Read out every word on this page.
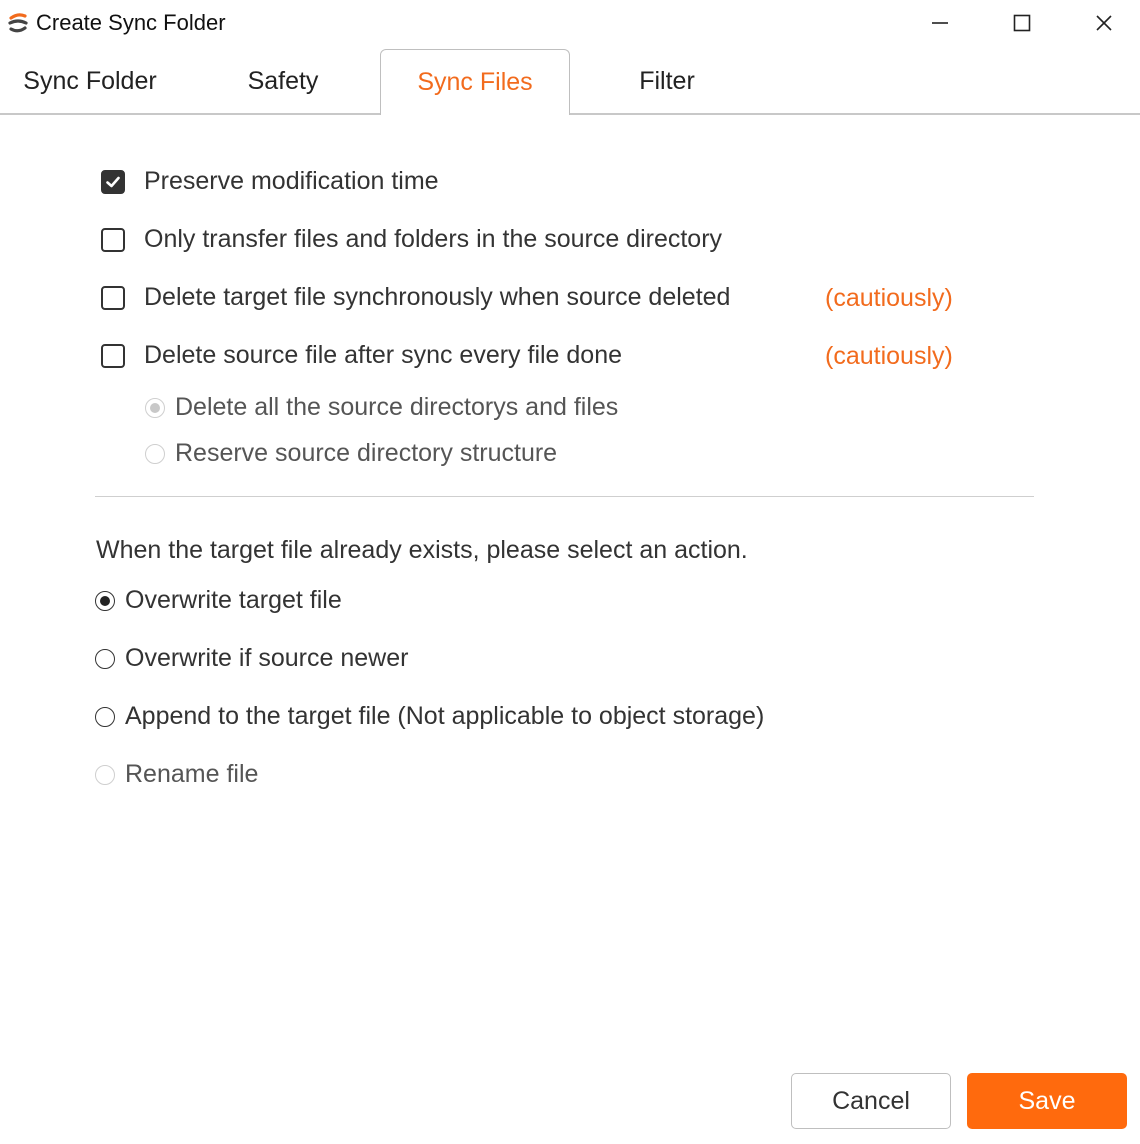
Create Sync Folder
Sync Folder	Safety	Sync Files	Filter
Preserve modification time
Only transfer files and folders in the source directory
Delete target file synchronously when source deleted	(cautiously)
Delete source file after sync every file done	(cautiously)
Delete all the source directorys and files
Reserve source directory structure
When the target file already exists, please select an action.
Overwrite target file
Overwrite if source newer
Append to the target file (Not applicable to object storage)
Rename file
Cancel	Save
